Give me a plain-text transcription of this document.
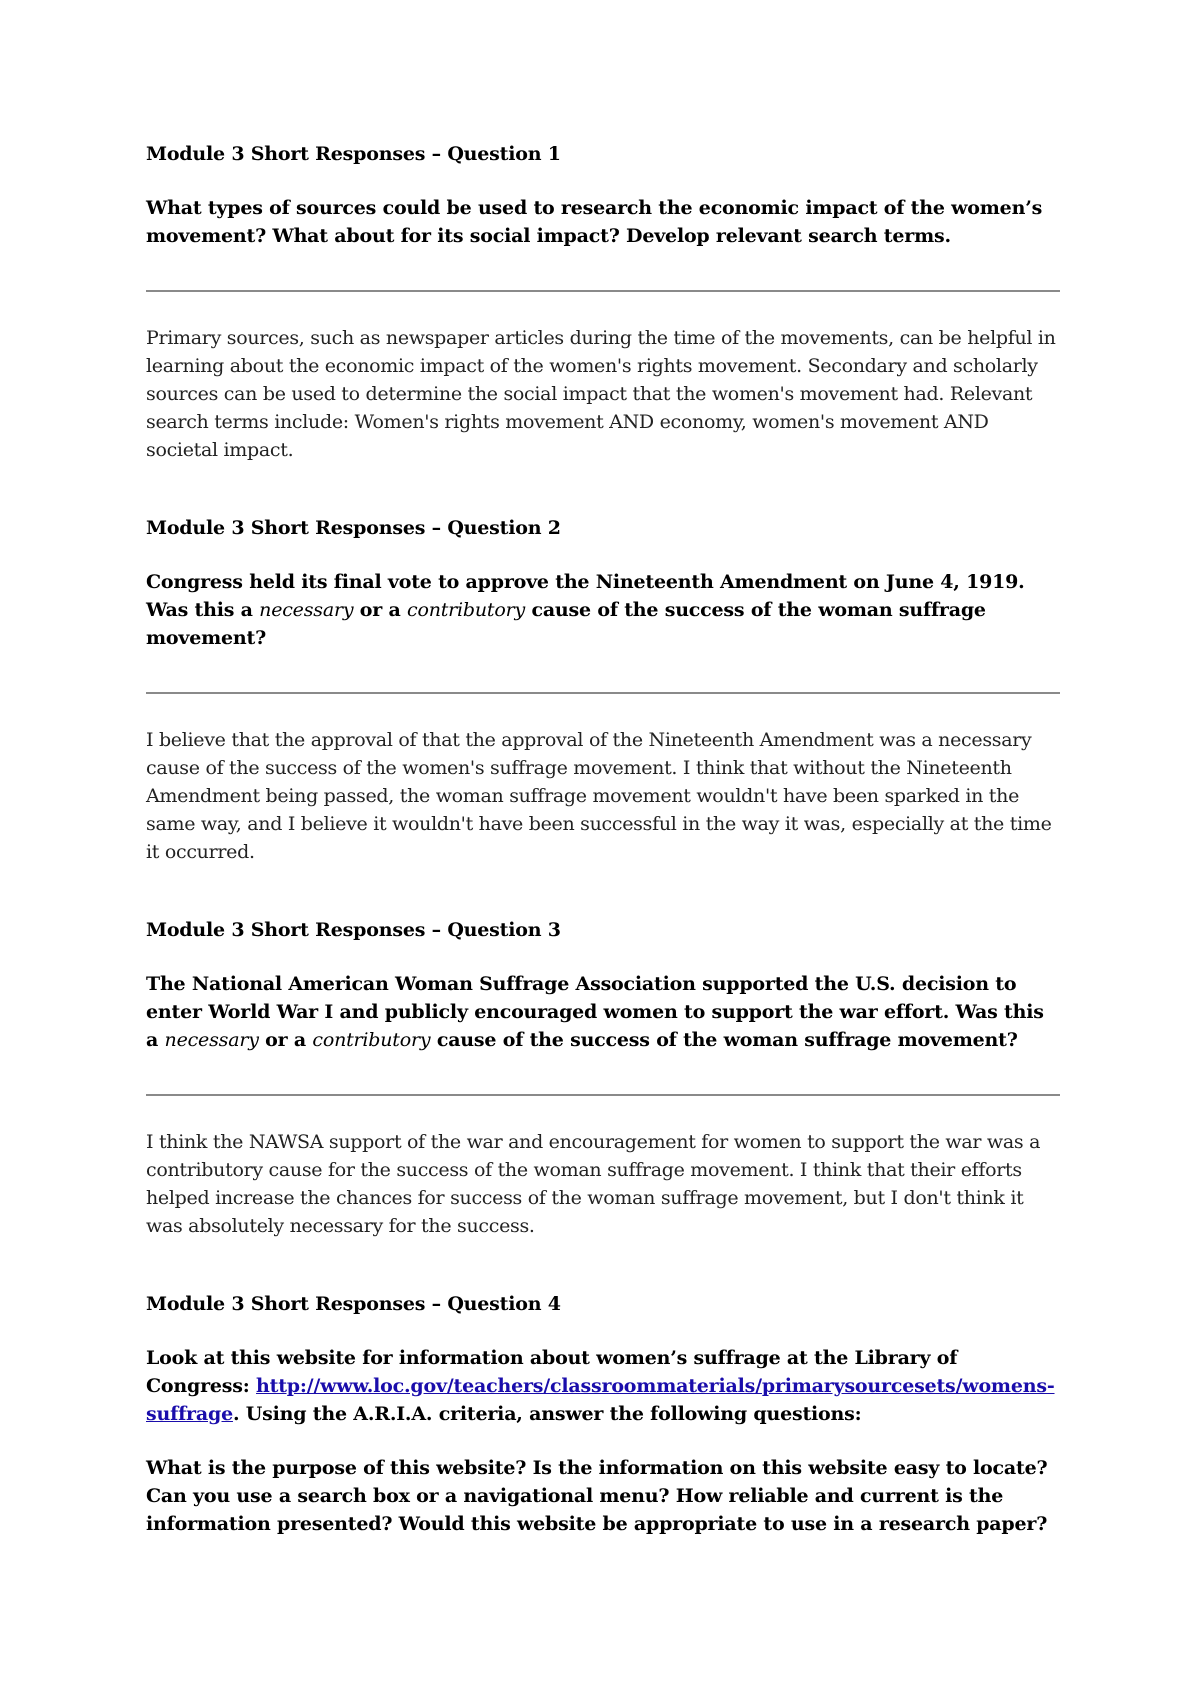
Module 3 Short Responses – Question 1

What types of sources could be used to research the economic impact of the women’s movement? What about for its social impact? Develop relevant search terms.

Primary sources, such as newspaper articles during the time of the movements, can be helpful in learning about the economic impact of the women's rights movement. Secondary and scholarly sources can be used to determine the social impact that the women's movement had. Relevant search terms include: Women's rights movement AND economy, women's movement AND societal impact.

Module 3 Short Responses – Question 2

Congress held its final vote to approve the Nineteenth Amendment on June 4, 1919. Was this a necessary or a contributory cause of the success of the woman suffrage movement?

I believe that the approval of that the approval of the Nineteenth Amendment was a necessary cause of the success of the women's suffrage movement. I think that without the Nineteenth Amendment being passed, the woman suffrage movement wouldn't have been sparked in the same way, and I believe it wouldn't have been successful in the way it was, especially at the time it occurred.

Module 3 Short Responses – Question 3

The National American Woman Suffrage Association supported the U.S. decision to enter World War I and publicly encouraged women to support the war effort. Was this a necessary or a contributory cause of the success of the woman suffrage movement?

I think the NAWSA support of the war and encouragement for women to support the war was a contributory cause for the success of the woman suffrage movement. I think that their efforts helped increase the chances for success of the woman suffrage movement, but I don't think it was absolutely necessary for the success.

Module 3 Short Responses – Question 4

Look at this website for information about women’s suffrage at the Library of Congress: http://www.loc.gov/teachers/classroommaterials/primarysourcesets/womens-suffrage. Using the A.R.I.A. criteria, answer the following questions:

What is the purpose of this website? Is the information on this website easy to locate? Can you use a search box or a navigational menu? How reliable and current is the information presented? Would this website be appropriate to use in a research paper?
